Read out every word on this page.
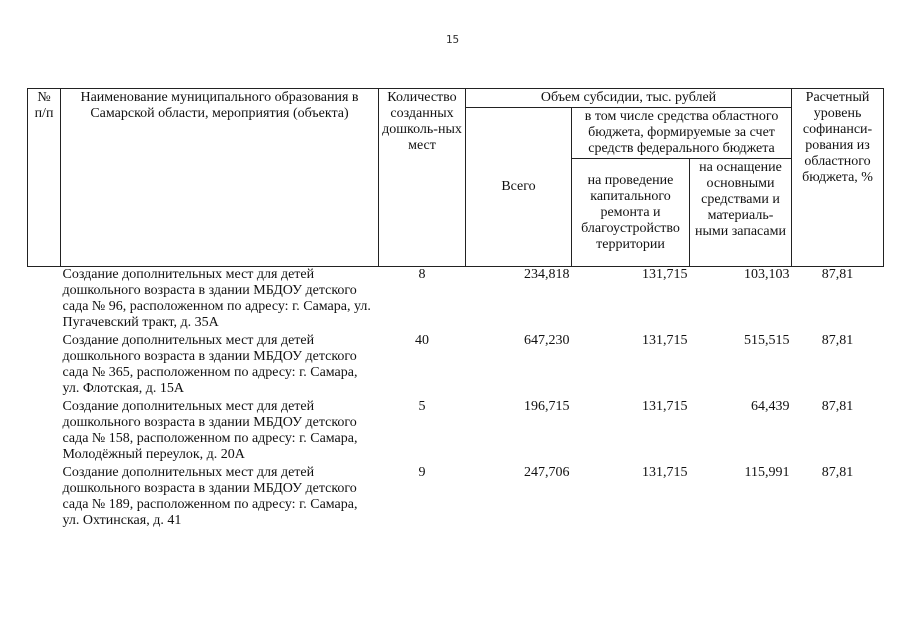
15
№ п/п	Наименование муниципального образования в Самарской области, мероприятия (объекта)	Количество созданных дошколь-ных мест	Объем субсидии, тыс. рублей			Расчетный уровень софинанси-рования из областного бюджета, %
			Всего	в том числе средства областного бюджета, формируемые за счет средств федерального бюджета		
				на проведение капитального ремонта и благоустройство территории	на оснащение основными средствами и материаль-ными запасами	
	Создание дополнительных мест для детей дошкольного возраста в здании МБДОУ детского сада № 96, расположенном по адресу: г. Самара, ул. Пугачевский тракт, д. 35А	8	234,818	131,715	103,103	87,81
	Создание дополнительных мест для детей дошкольного возраста в здании МБДОУ детского сада № 365, расположенном по адресу: г. Самара, ул. Флотская, д. 15А	40	647,230	131,715	515,515	87,81
	Создание дополнительных мест для детей дошкольного возраста в здании МБДОУ детского сада № 158, расположенном по адресу: г. Самара, Молодёжный переулок, д. 20А	5	196,715	131,715	64,439	87,81
	Создание дополнительных мест для детей дошкольного возраста в здании МБДОУ детского сада № 189, расположенном по адресу: г. Самара, ул. Охтинская, д. 41	9	247,706	131,715	115,991	87,81
